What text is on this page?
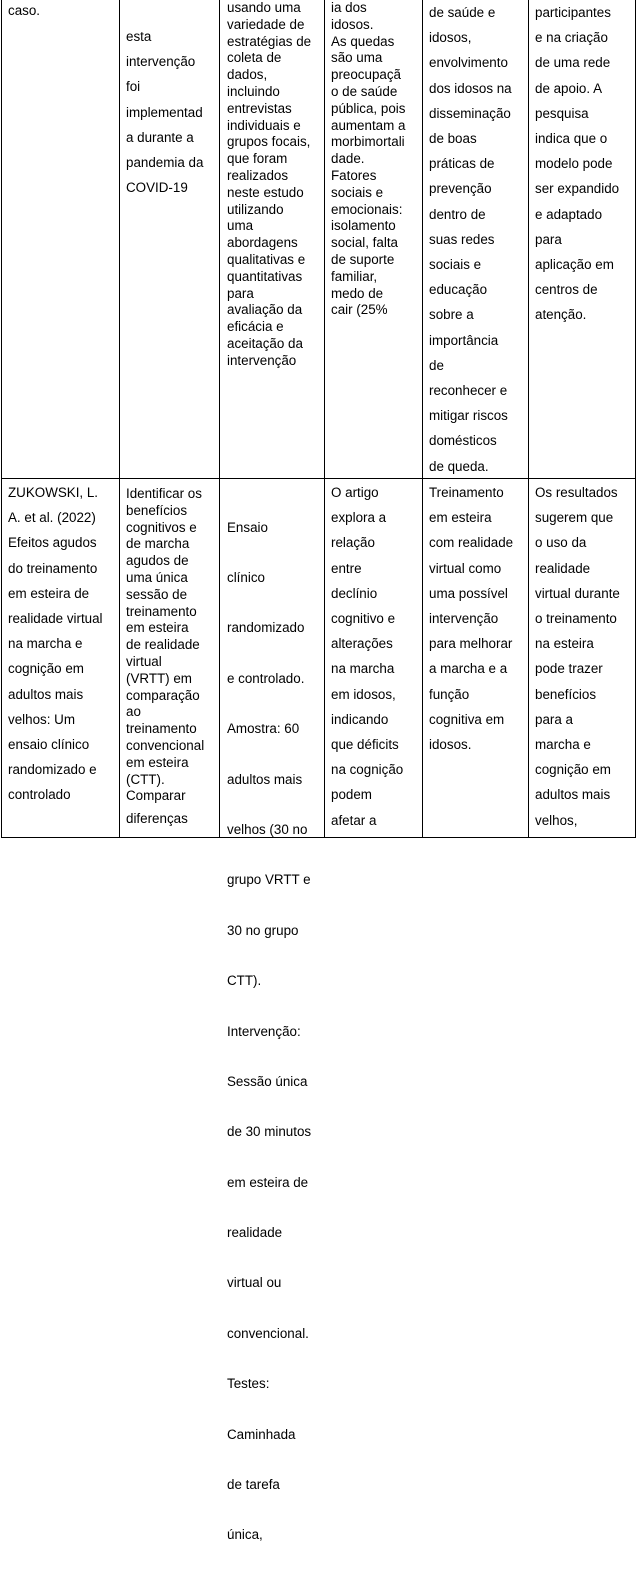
caso.
esta
intervenção
foi
implementad
a durante a
pandemia da
COVID-19
usando uma
variedade de
estratégias de
coleta de
dados,
incluindo
entrevistas
individuais e
grupos focais,
que foram
realizados
neste estudo
utilizando
uma
abordagens
qualitativas e
quantitativas
para
avaliação da
eficácia e
aceitação da
intervenção
ia dos
idosos.
As quedas
são uma
preocupaçã
o de saúde
pública, pois
aumentam a
morbimortali
dade.
Fatores
sociais e
emocionais:
isolamento
social, falta
de suporte
familiar,
medo de
cair (25%
de saúde e
idosos,
envolvimento
dos idosos na
disseminação
de boas
práticas de
prevenção
dentro de
suas redes
sociais e
educação
sobre a
importância
de
reconhecer e
mitigar riscos
domésticos
de queda.
participantes
e na criação
de uma rede
de apoio. A
pesquisa
indica que o
modelo pode
ser expandido
e adaptado
para
aplicação em
centros de
atenção.
ZUKOWSKI, L.
A. et al. (2022)
Efeitos agudos
do treinamento
em esteira de
realidade virtual
na marcha e
cognição em
adultos mais
velhos: Um
ensaio clínico
randomizado e
controlado
Identificar os
benefícios
cognitivos e
de marcha
agudos de
uma única
sessão de
treinamento
em esteira
de realidade
virtual
(VRTT) em
comparação
ao
treinamento
convencional
em esteira
(CTT).
Comparar
diferenças

Ensaio

clínico

randomizado

e controlado.

Amostra: 60

adultos mais

velhos (30 no

grupo VRTT e

30 no grupo

CTT).

Intervenção:

Sessão única

de 30 minutos

em esteira de

realidade

virtual ou

convencional.

Testes:

Caminhada

de tarefa

única,

O artigo
explora a
relação
entre
declínio
cognitivo e
alterações
na marcha
em idosos,
indicando
que déficits
na cognição
podem
afetar a
Treinamento
em esteira
com realidade
virtual como
uma possível
intervenção
para melhorar
a marcha e a
função
cognitiva em
idosos.
Os resultados
sugerem que
o uso da
realidade
virtual durante
o treinamento
na esteira
pode trazer
benefícios
para a
marcha e
cognição em
adultos mais
velhos,
